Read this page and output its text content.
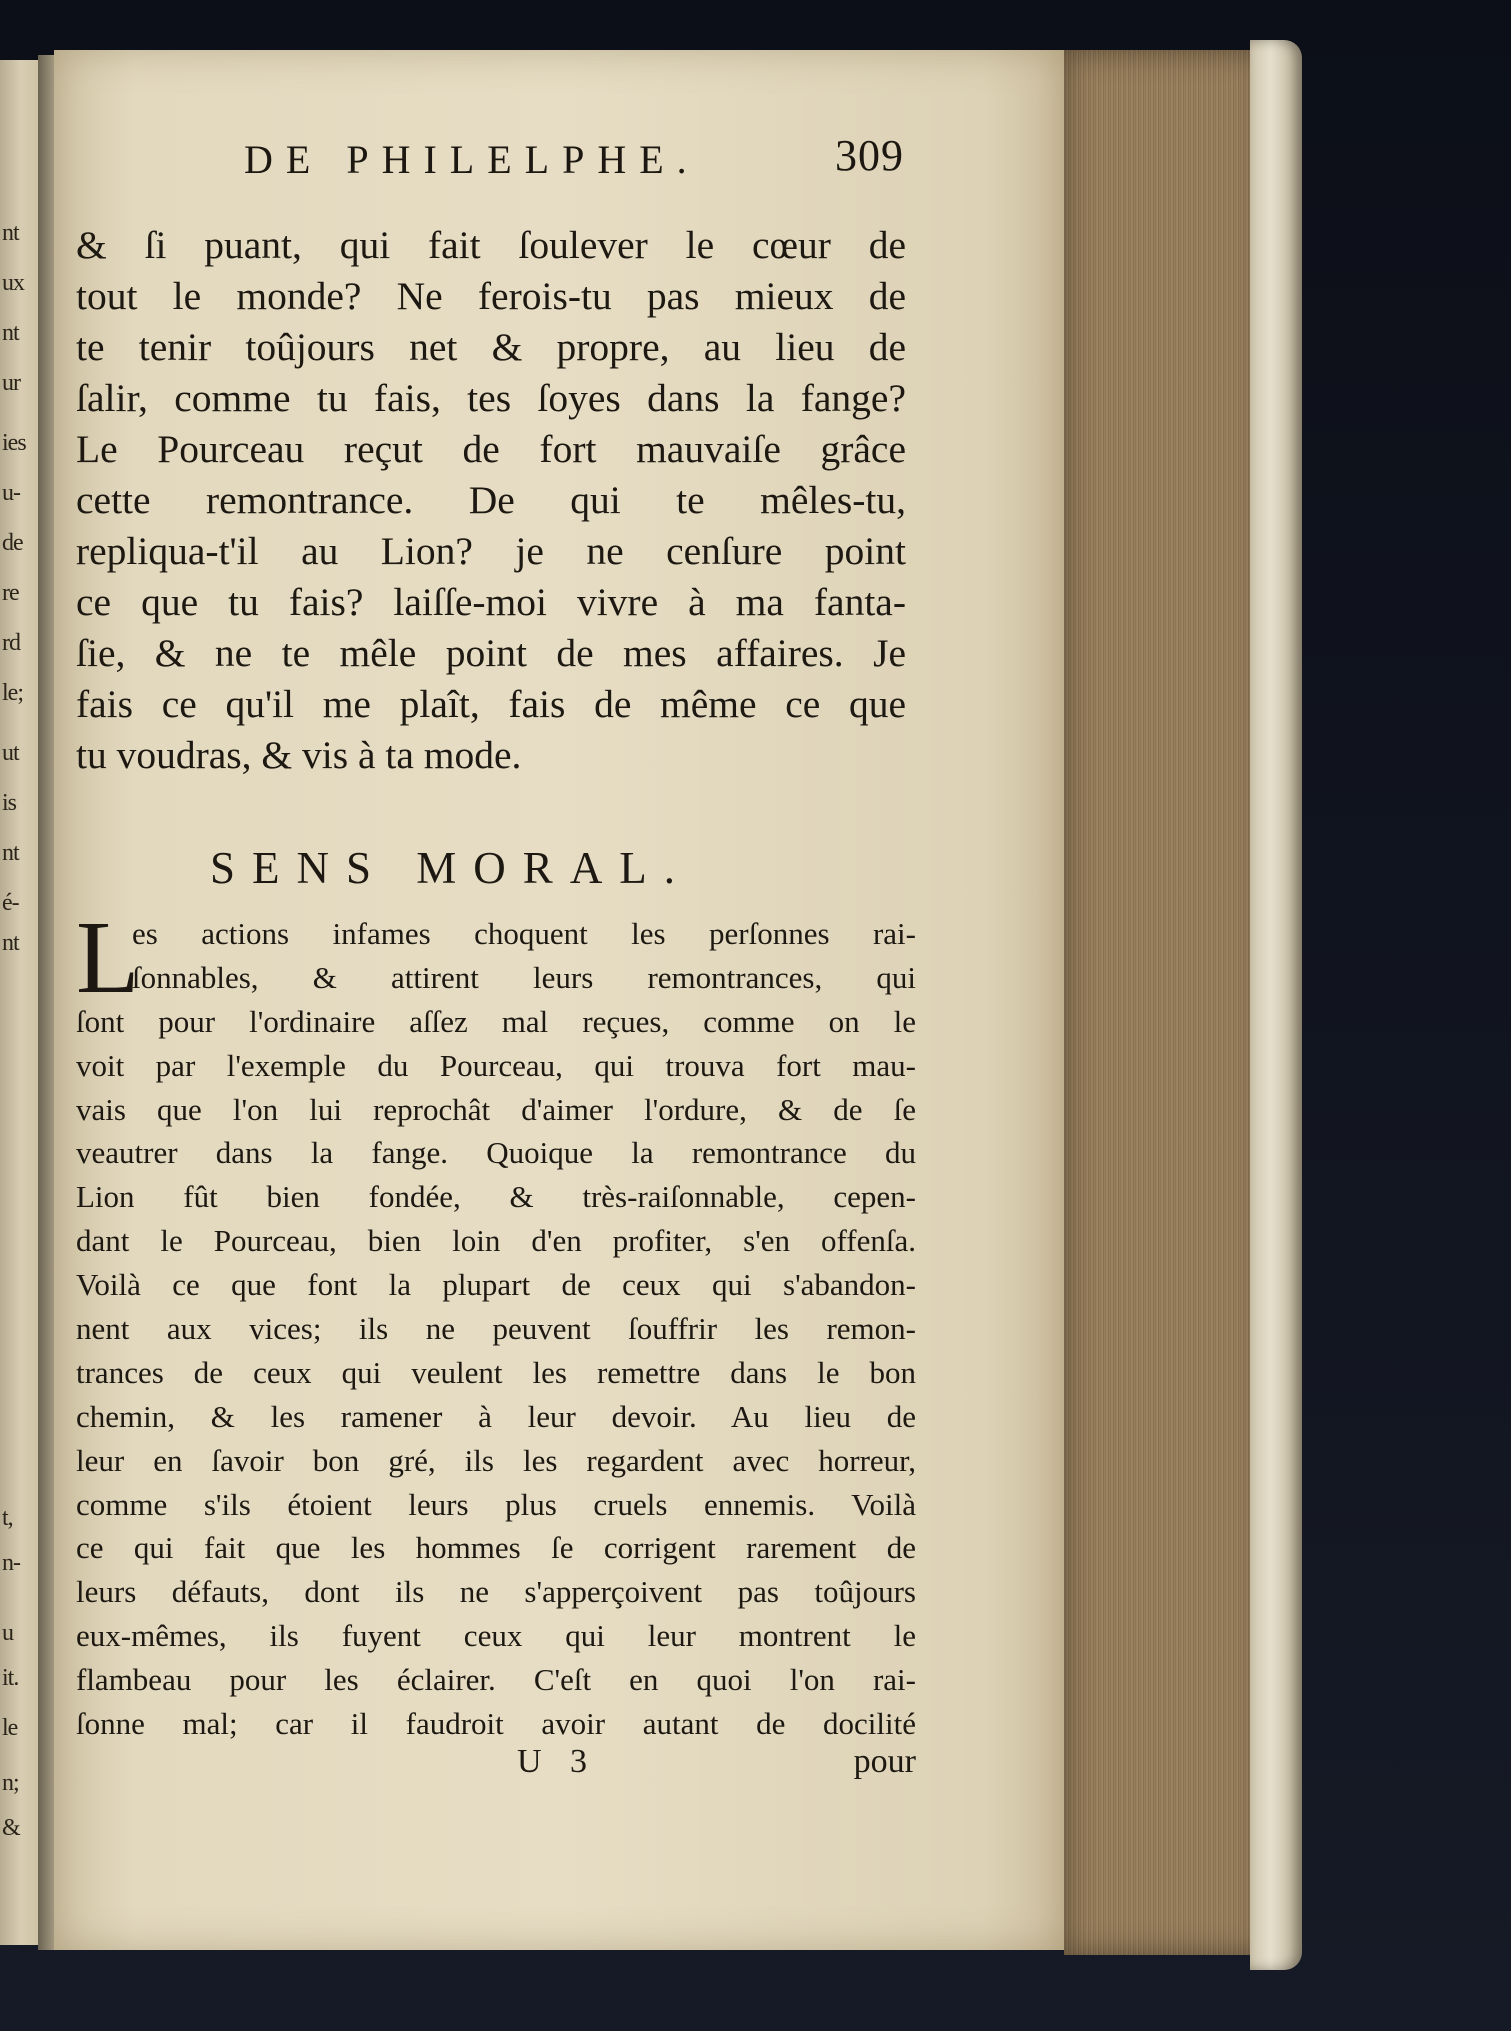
nt
ux
nt
ur
ies
u-
de
re
rd
le;
ut
is
nt
é-
nt
t,
n-
u
it.
le
n;
&
DE PHILELPHE.	309
& ſi puant, qui fait ſoulever le cœur de
tout le monde? Ne ferois-tu pas mieux de
te tenir toûjours net & propre, au lieu de
ſalir, comme tu fais, tes ſoyes dans la fange?
Le Pourceau reçut de fort mauvaiſe grâce
cette remontrance. De qui te mêles-tu,
repliqua-t'il au Lion? je ne cenſure point
ce que tu fais? laiſſe-moi vivre à ma fanta-
ſie, & ne te mêle point de mes affaires. Je
fais ce qu'il me plaît, fais de même ce que
tu voudras, & vis à ta mode.
SENS MORAL.
L
es actions infames choquent les perſonnes rai-
ſonnables, & attirent leurs remontrances, qui
ſont pour l'ordinaire aſſez mal reçues, comme on le
voit par l'exemple du Pourceau, qui trouva fort mau-
vais que l'on lui reprochât d'aimer l'ordure, & de ſe
veautrer dans la fange. Quoique la remontrance du
Lion fût bien fondée, & très-raiſonnable, cepen-
dant le Pourceau, bien loin d'en profiter, s'en offenſa.
Voilà ce que font la plupart de ceux qui s'abandon-
nent aux vices; ils ne peuvent ſouffrir les remon-
trances de ceux qui veulent les remettre dans le bon
chemin, & les ramener à leur devoir. Au lieu de
leur en ſavoir bon gré, ils les regardent avec horreur,
comme s'ils étoient leurs plus cruels ennemis. Voilà
ce qui fait que les hommes ſe corrigent rarement de
leurs défauts, dont ils ne s'apperçoivent pas toûjours
eux-mêmes, ils fuyent ceux qui leur montrent le
flambeau pour les éclairer. C'eſt en quoi l'on rai-
ſonne mal; car il faudroit avoir autant de docilité
U 3	pour
